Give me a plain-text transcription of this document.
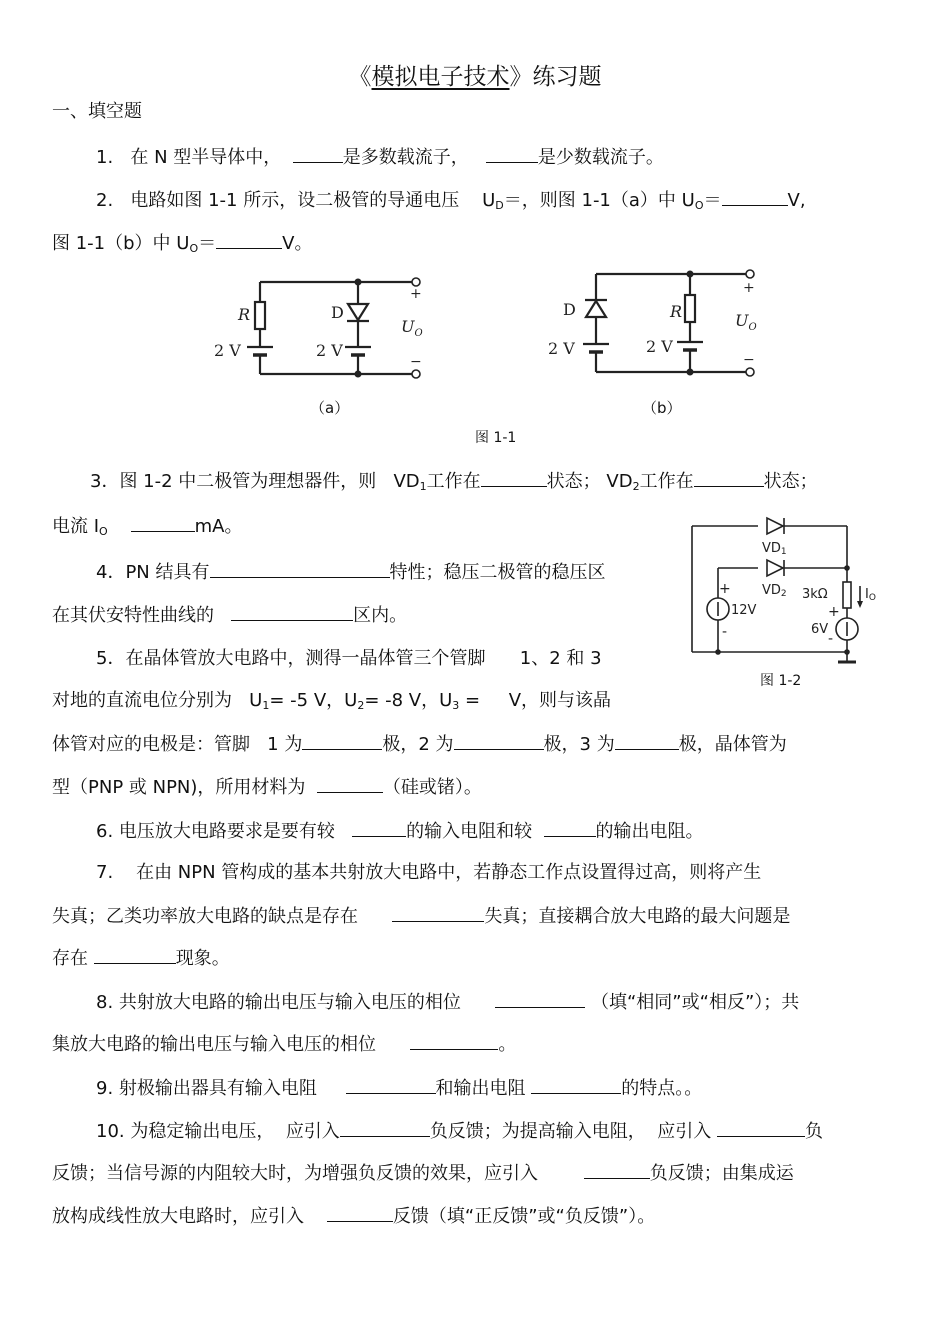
《模拟电子技术》练习题
一、填空题
1. 在 N 型半导体中，	是多数载流子，	是少数载流子。
2. 电路如图 1-1 所示，设二极管的导通电压 $U_D=$，则图 1-1（a）中 $U_O=$	V,
图 1-1（b）中 $U_O=$	V。
R	D
2 V	2 V
+
−
$U_O$
D	R
2 V	2 V
+
−
$U_O$
（a）	（b）
图 1-1
3．图 1-2 中二极管为理想器件，则 $VD_1$工作在	状态； $VD_2$工作在	状态；
电流 $I_O$	mA。
VD1
VD2 3kΩ	IO
+
12V
-
+
6V
-
图 1-2
4．PN 结具有	特性；稳压二极管的稳压区
在其伏安特性曲线的	区内。
5．在晶体管放大电路中，测得一晶体管三个管脚 1、2 和 3
对地的直流电位分别为 $U_1= -5$ V，$U_2= -8$ V，$U_3 = V$，则与该晶
体管对应的电极是：管脚 1 为	极，2 为	极，3 为	极，晶体管为
型（PNP 或 NPN)，所用材料为	（硅或锗）。
6. 电压放大电路要求是要有较	的输入电阻和较	的输出电阻。
7. 在由 NPN 管构成的基本共射放大电路中，若静态工作点设置得过高，则将产生
失真；乙类功率放大电路的缺点是存在	失真；直接耦合放大电路的最大问题是
存在	现象。
8. 共射放大电路的输出电压与输入电压的相位	（填“相同”或“相反”）；共
集放大电路的输出电压与输入电压的相位	。
9. 射极输出器具有输入电阻	和输出电阻	的特点。。
10. 为稳定输出电压， 应引入	负反馈；为提高输入电阻， 应引入	负
反馈；当信号源的内阻较大时，为增强负反馈的效果，应引入	负反馈；由集成运
放构成线性放大电路时，应引入	反馈（填“正反馈”或“负反馈”）。
